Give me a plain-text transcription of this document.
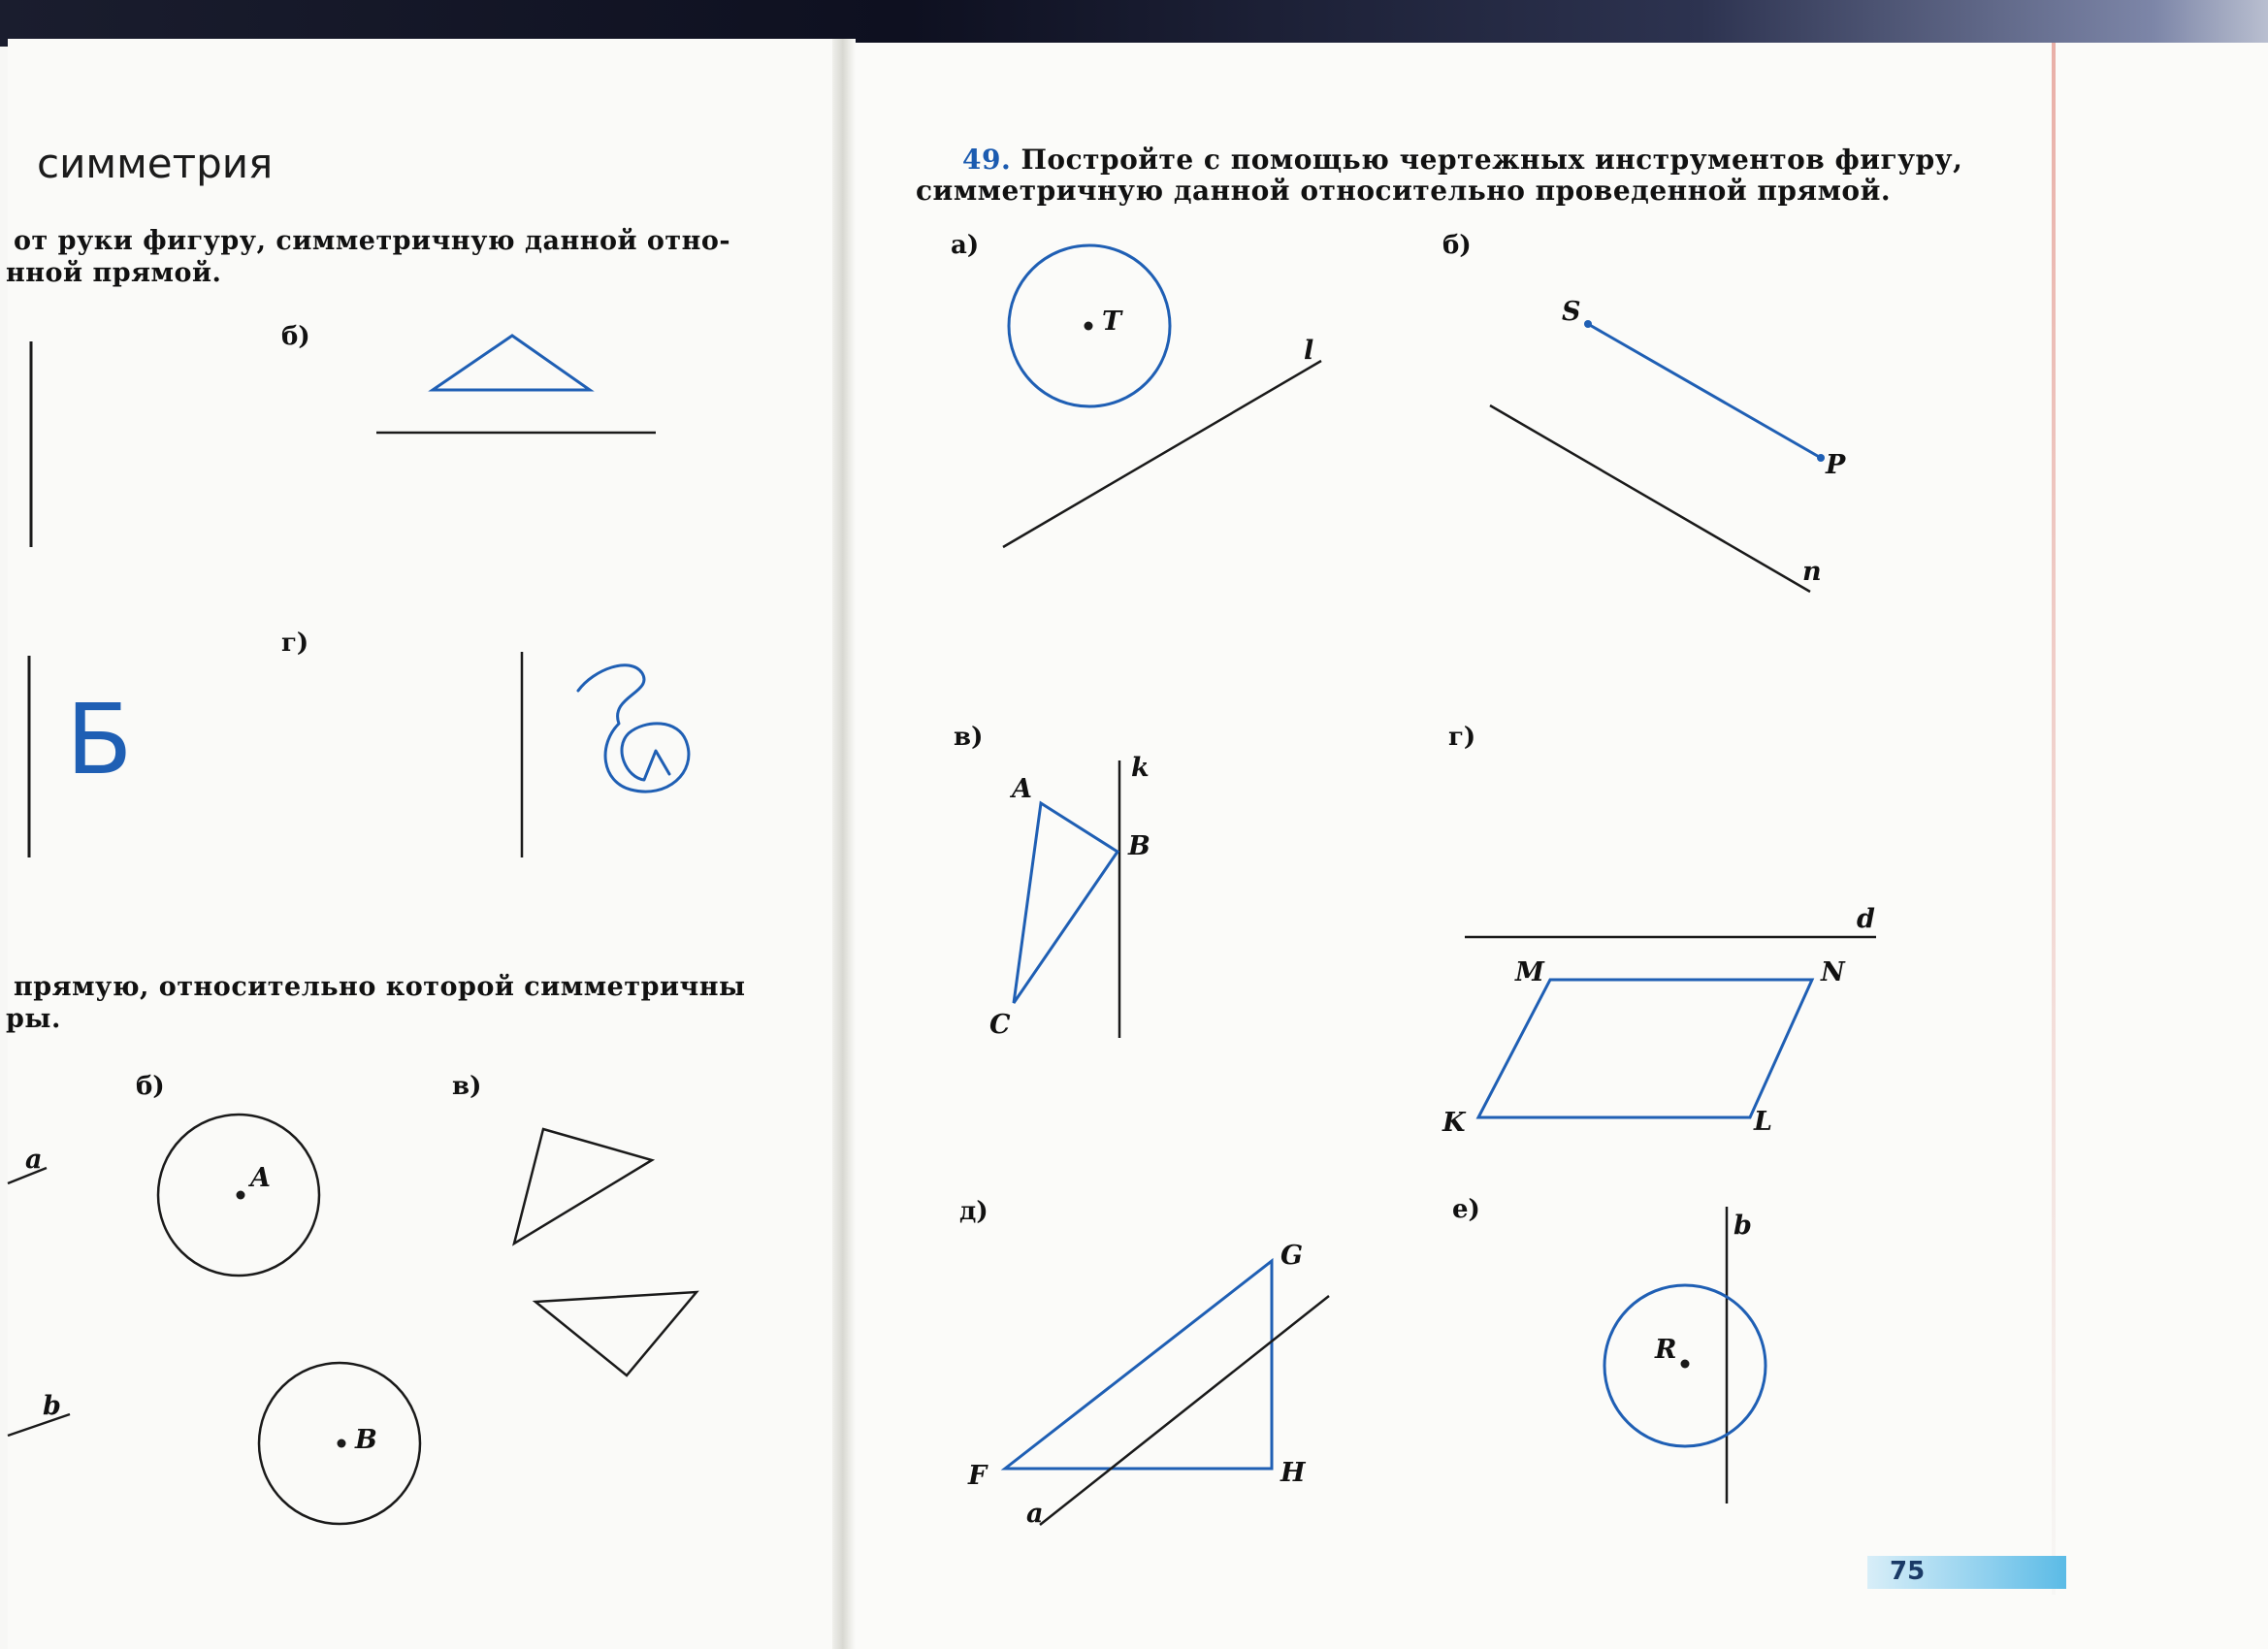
симметрия
от руки фигуру, симметричную данной отно-
нной прямой.
б)
г)
прямую, относительно которой симметричны
ры.
б)	в)
Б
a
b
A
B
49. Постройте с помощью чертежных инструментов фигуру,
симметричную данной относительно проведенной прямой.
а)	б)
в)	г)
д)	е)
T
l
S
P
n
k
A
B
C
d
M	N
K	L
G
F	H
a
b
R
75
